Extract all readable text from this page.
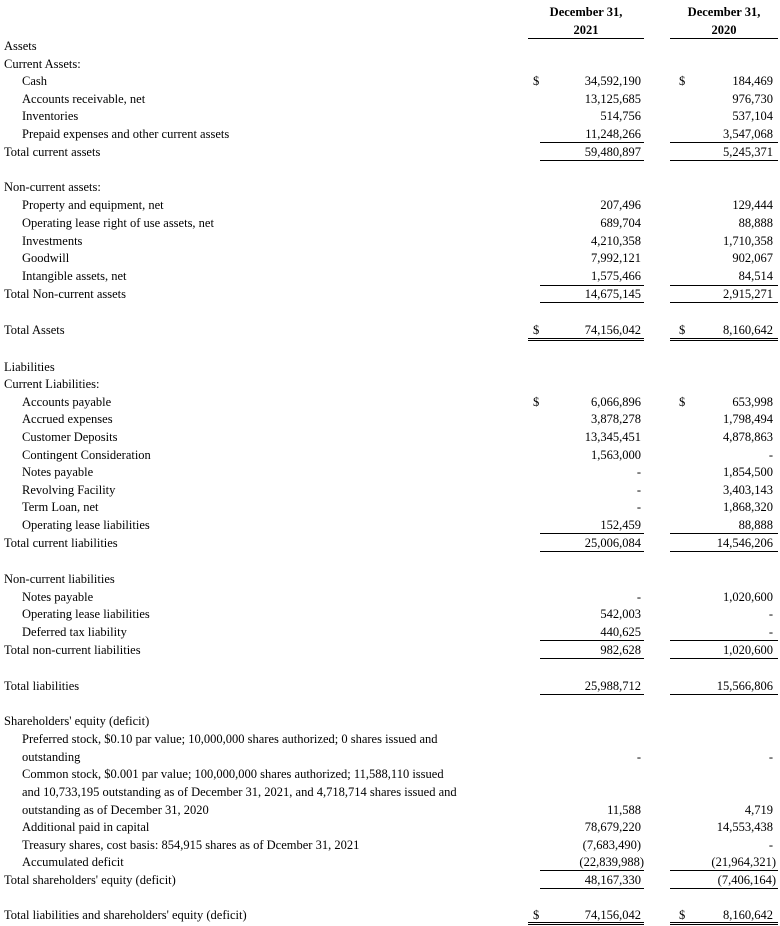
December 31,
2021
December 31,
2020
Assets
Current Assets:
Cash	$	34,592,190	$	184,469
Accounts receivable, net	13,125,685	976,730
Inventories	514,756	537,104
Prepaid expenses and other current assets	11,248,266	3,547,068
Total current assets	59,480,897	5,245,371
Non-current assets:
Property and equipment, net	207,496	129,444
Operating lease right of use assets, net	689,704	88,888
Investments	4,210,358	1,710,358
Goodwill	7,992,121	902,067
Intangible assets, net	1,575,466	84,514
Total Non-current assets	14,675,145	2,915,271
Total Assets	$	74,156,042	$	8,160,642
Liabilities
Current Liabilities:
Accounts payable	$	6,066,896	$	653,998
Accrued expenses	3,878,278	1,798,494
Customer Deposits	13,345,451	4,878,863
Contingent Consideration	1,563,000	-
Notes payable	-	1,854,500
Revolving Facility	-	3,403,143
Term Loan, net	-	1,868,320
Operating lease liabilities	152,459	88,888
Total current liabilities	25,006,084	14,546,206
Non-current liabilities
Notes payable	-	1,020,600
Operating lease liabilities	542,003	-
Deferred tax liability	440,625	-
Total non-current liabilities	982,628	1,020,600
Total liabilities	25,988,712	15,566,806
Shareholders' equity (deficit)
Preferred stock, $0.10 par value; 10,000,000 shares authorized; 0 shares issued and
outstanding	-	-
Common stock, $0.001 par value; 100,000,000 shares authorized; 11,588,110 issued
and 10,733,195 outstanding as of December 31, 2021, and 4,718,714 shares issued and
outstanding as of December 31, 2020	11,588	4,719
Additional paid in capital	78,679,220	14,553,438
Treasury shares, cost basis: 854,915 shares as of Dcember 31, 2021	(7,683,490)	-
Accumulated deficit	(22,839,988)	(21,964,321)
Total shareholders' equity (deficit)	48,167,330	(7,406,164)
Total liabilities and shareholders' equity (deficit)	$	74,156,042	$	8,160,642
